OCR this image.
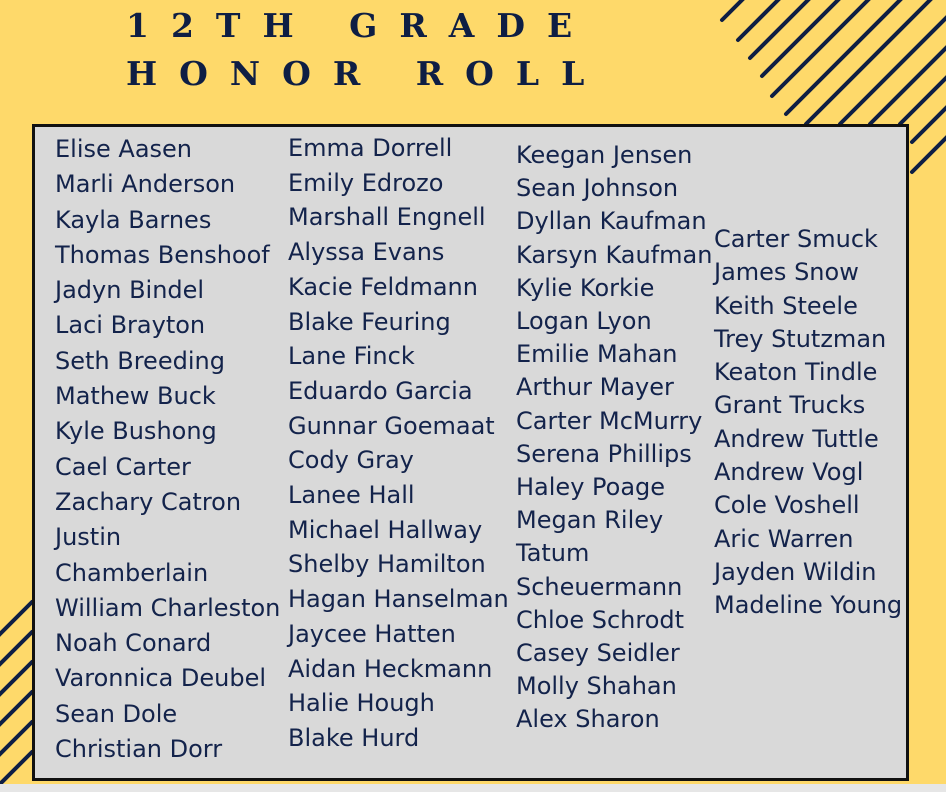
12TH GRADE
HONOR ROLL
Elise Aasen
Marli Anderson
Kayla Barnes
Thomas Benshoof
Jadyn Bindel
Laci Brayton
Seth Breeding
Mathew Buck
Kyle Bushong
Cael Carter
Zachary Catron
Justin
Chamberlain
William Charleston
Noah Conard
Varonnica Deubel
Sean Dole
Christian Dorr
Emma Dorrell
Emily Edrozo
Marshall Engnell
Alyssa Evans
Kacie Feldmann
Blake Feuring
Lane Finck
Eduardo Garcia
Gunnar Goemaat
Cody Gray
Lanee Hall
Michael Hallway
Shelby Hamilton
Hagan Hanselman
Jaycee Hatten
Aidan Heckmann
Halie Hough
Blake Hurd
Keegan Jensen
Sean Johnson
Dyllan Kaufman
Karsyn Kaufman
Kylie Korkie
Logan Lyon
Emilie Mahan
Arthur Mayer
Carter McMurry
Serena Phillips
Haley Poage
Megan Riley
Tatum
Scheuermann
Chloe Schrodt
Casey Seidler
Molly Shahan
Alex Sharon
Carter Smuck
James Snow
Keith Steele
Trey Stutzman
Keaton Tindle
Grant Trucks
Andrew Tuttle
Andrew Vogl
Cole Voshell
Aric Warren
Jayden Wildin
Madeline Young
